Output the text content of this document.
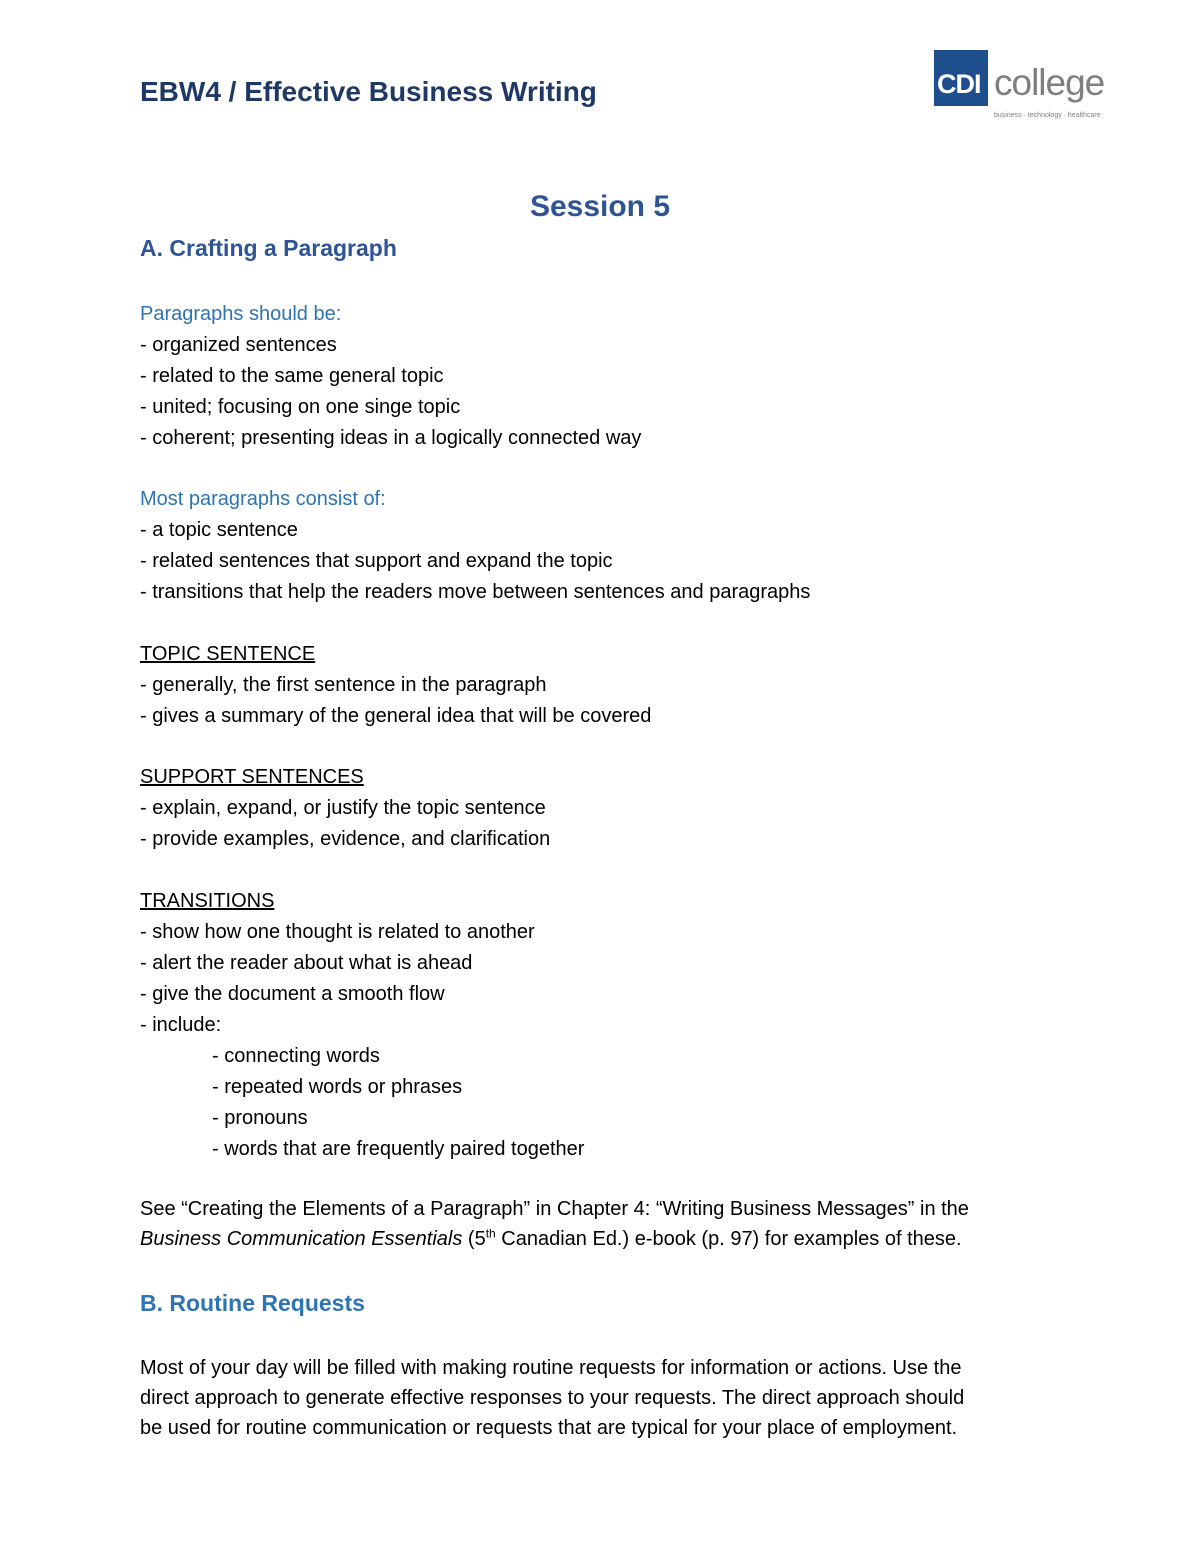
EBW4 / Effective Business Writing	CDI college
business · technology · healthcare
Session 5
A. Crafting a Paragraph
Paragraphs should be:
- organized sentences
- related to the same general topic
- united; focusing on one singe topic
- coherent; presenting ideas in a logically connected way
Most paragraphs consist of:
- a topic sentence
- related sentences that support and expand the topic
- transitions that help the readers move between sentences and paragraphs
TOPIC SENTENCE
- generally, the first sentence in the paragraph
- gives a summary of the general idea that will be covered
SUPPORT SENTENCES
- explain, expand, or justify the topic sentence
- provide examples, evidence, and clarification
TRANSITIONS
- show how one thought is related to another
- alert the reader about what is ahead
- give the document a smooth flow
- include:
- connecting words
- repeated words or phrases
- pronouns
- words that are frequently paired together
See “Creating the Elements of a Paragraph” in Chapter 4: “Writing Business Messages” in the
Business Communication Essentials (5th Canadian Ed.) e-book (p. 97) for examples of these.
B. Routine Requests
Most of your day will be filled with making routine requests for information or actions. Use the
direct approach to generate effective responses to your requests. The direct approach should
be used for routine communication or requests that are typical for your place of employment.
